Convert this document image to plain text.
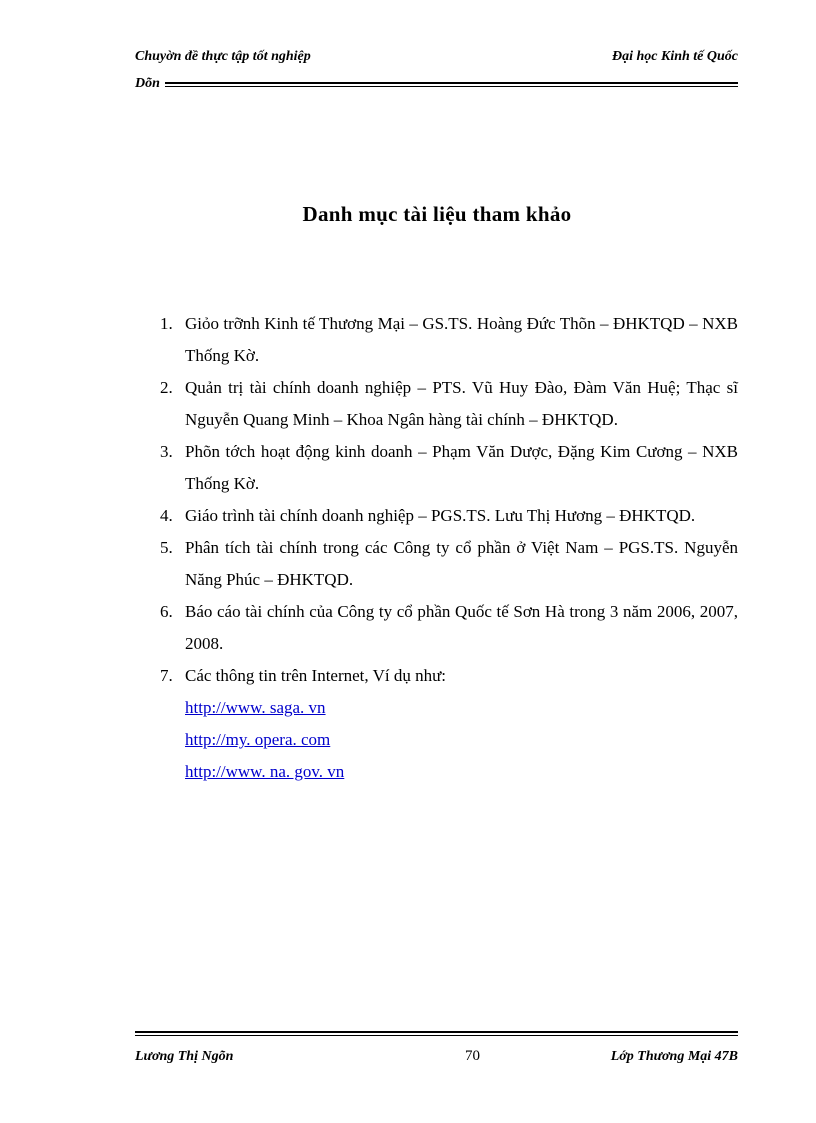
Chuyờn đề thực tập tốt nghiệp	Đại học Kinh tế Quốc
Dõn
Danh mục tài liệu tham khảo
1. Giỏo trỡnh Kinh tế Thương Mại – GS.TS. Hoàng Đức Thõn – ĐHKTQD – NXB Thống Kờ.
2. Quản trị tài chính doanh nghiệp – PTS. Vũ Huy Đào, Đàm Văn Huệ; Thạc sĩ Nguyễn Quang Minh – Khoa Ngân hàng tài chính – ĐHKTQD.
3. Phõn tớch hoạt động kinh doanh – Phạm Văn Dược, Đặng Kim Cương – NXB Thống Kờ.
4. Giáo trình tài chính doanh nghiệp – PGS.TS. Lưu Thị Hương – ĐHKTQD.
5. Phân tích tài chính trong các Công ty cổ phần ở Việt Nam – PGS.TS. Nguyễn Năng Phúc – ĐHKTQD.
6. Báo cáo tài chính của Công ty cổ phần Quốc tế Sơn Hà trong 3 năm 2006, 2007, 2008.
7. Các thông tin trên Internet, Ví dụ như:
http://www. saga. vn
http://my. opera. com
http://www. na. gov. vn
Lương Thị Ngõn	70	Lớp Thương Mại 47B
